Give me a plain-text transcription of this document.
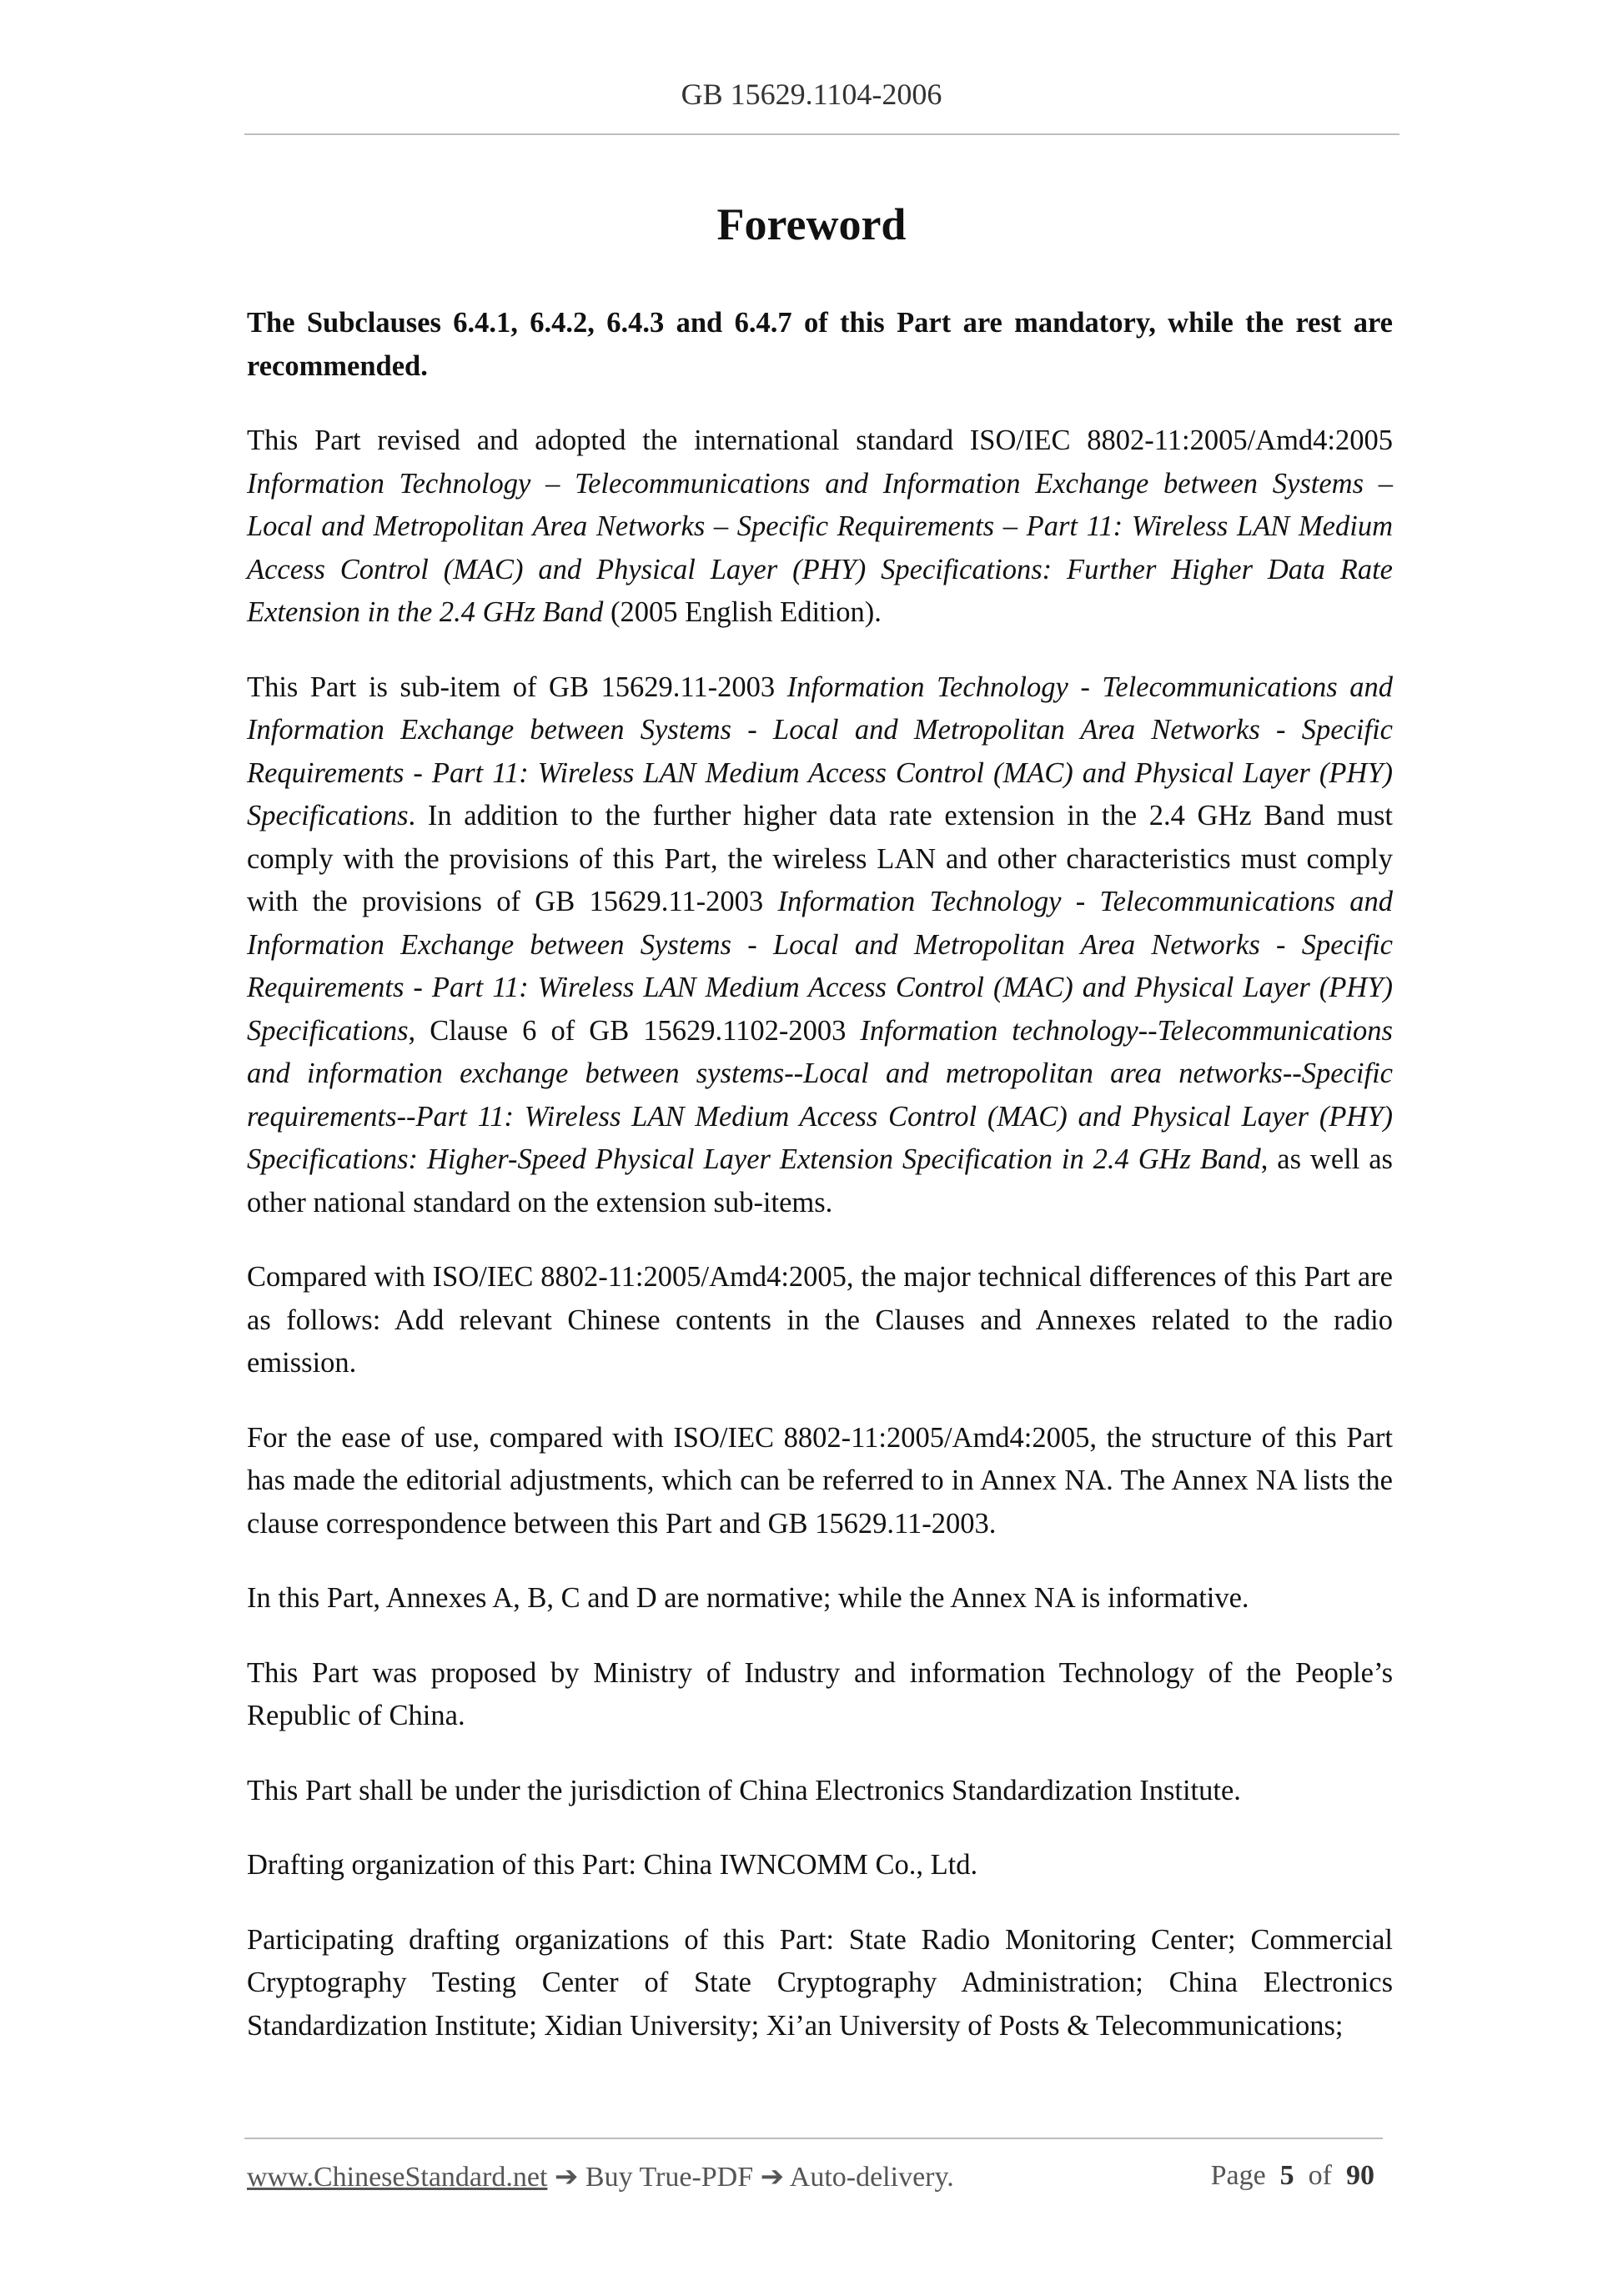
GB 15629.1104-2006
Foreword

The Subclauses 6.4.1, 6.4.2, 6.4.3 and 6.4.7 of this Part are mandatory, while the rest are recommended.

This Part revised and adopted the international standard ISO/IEC 8802-11:2005/Amd4:2005 Information Technology – Telecommunications and Information Exchange between Systems – Local and Metropolitan Area Networks – Specific Requirements – Part 11: Wireless LAN Medium Access Control (MAC) and Physical Layer (PHY) Specifications: Further Higher Data Rate Extension in the 2.4 GHz Band (2005 English Edition).

This Part is sub-item of GB 15629.11-2003 Information Technology - Telecommunications and Information Exchange between Systems - Local and Metropolitan Area Networks - Specific Requirements - Part 11: Wireless LAN Medium Access Control (MAC) and Physical Layer (PHY) Specifications. In addition to the further higher data rate extension in the 2.4 GHz Band must comply with the provisions of this Part, the wireless LAN and other characteristics must comply with the provisions of GB 15629.11-2003 Information Technology - Telecommunications and Information Exchange between Systems - Local and Metropolitan Area Networks - Specific Requirements - Part 11: Wireless LAN Medium Access Control (MAC) and Physical Layer (PHY) Specifications, Clause 6 of GB 15629.1102-2003 Information technology--Telecommunications and information exchange between systems--Local and metropolitan area networks--Specific requirements--Part 11: Wireless LAN Medium Access Control (MAC) and Physical Layer (PHY) Specifications: Higher-Speed Physical Layer Extension Specification in 2.4 GHz Band, as well as other national standard on the extension sub-items.

Compared with ISO/IEC 8802-11:2005/Amd4:2005, the major technical differences of this Part are as follows: Add relevant Chinese contents in the Clauses and Annexes related to the radio emission.

For the ease of use, compared with ISO/IEC 8802-11:2005/Amd4:2005, the structure of this Part has made the editorial adjustments, which can be referred to in Annex NA. The Annex NA lists the clause correspondence between this Part and GB 15629.11-2003.

In this Part, Annexes A, B, C and D are normative; while the Annex NA is informative.

This Part was proposed by Ministry of Industry and information Technology of the People’s Republic of China.

This Part shall be under the jurisdiction of China Electronics Standardization Institute.

Drafting organization of this Part: China IWNCOMM Co., Ltd.

Participating drafting organizations of this Part: State Radio Monitoring Center; Commercial Cryptography Testing Center of State Cryptography Administration; China Electronics Standardization Institute; Xidian University; Xi’an University of Posts & Telecommunications;

www.ChineseStandard.net ➔ Buy True-PDF ➔ Auto-delivery.	Page 5 of 90
